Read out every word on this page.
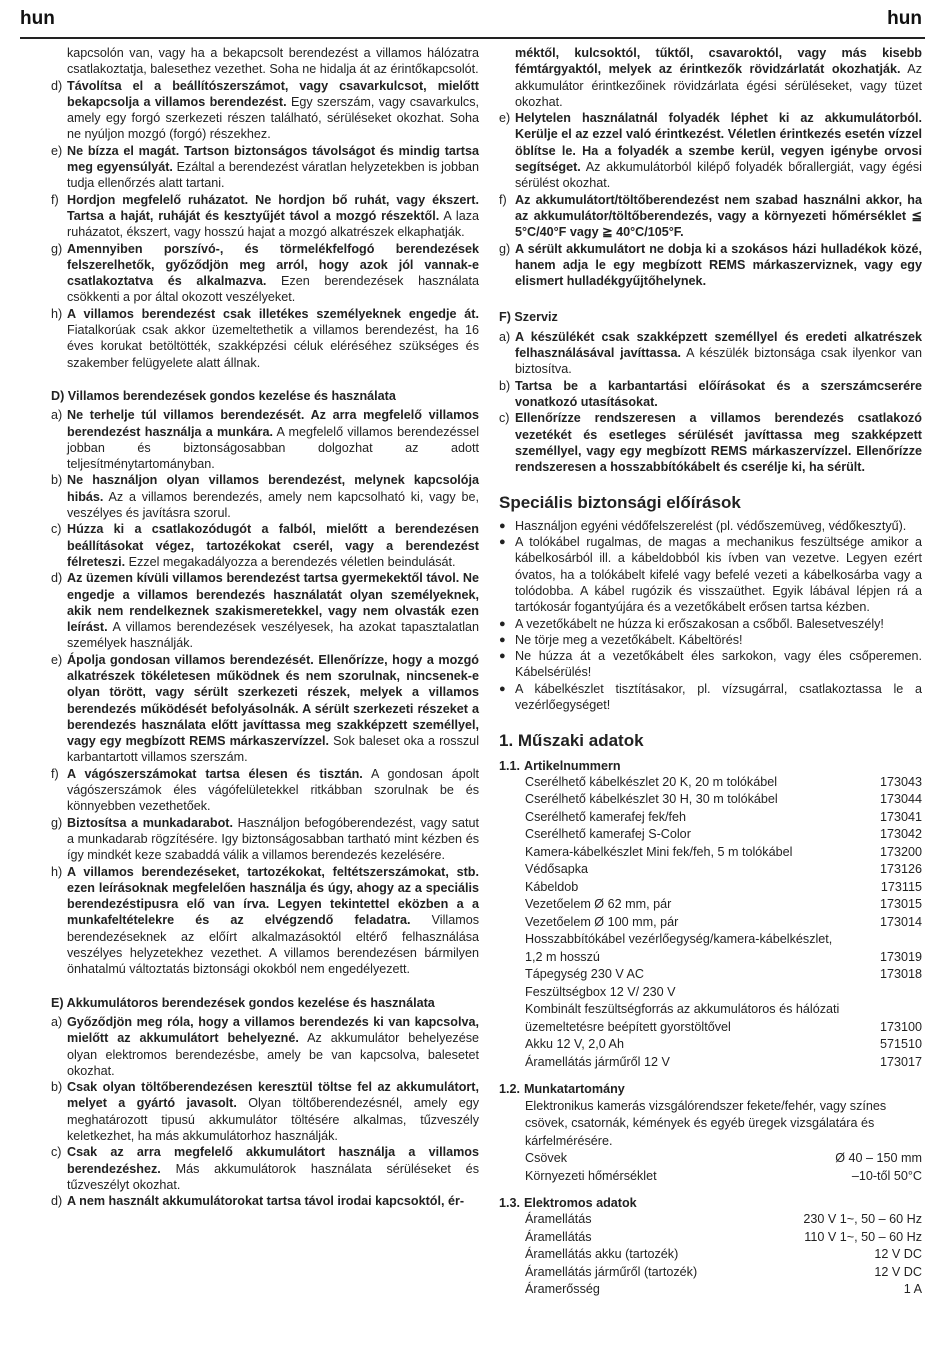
hun	hun
kapcsolón van, vagy ha a bekapcsolt berendezést a villamos hálózatra csatlakoztatja, balesethez vezethet. Soha ne hidalja át az érintőkapcsolót.
d) Távolítsa el a beállítószerszámot, vagy csavarkulcsot, mielőtt bekapcsolja a villamos berendezést. Egy szerszám, vagy csavarkulcs, amely egy forgó szerkezeti részen található, sérüléseket okozhat. Soha ne nyúljon mozgó (forgó) részekhez.
e) Ne bízza el magát. Tartson biztonságos távolságot és mindig tartsa meg egyensúlyát. Ezáltal a berendezést váratlan helyzetekben is jobban tudja ellenőrzés alatt tartani.
f) Hordjon megfelelő ruházatot. Ne hordjon bő ruhát, vagy ékszert. Tartsa a haját, ruháját és kesztyűjét távol a mozgó részektől. A laza ruházatot, ékszert, vagy hosszú hajat a mozgó alkatrészek elkaphatják.
g) Amennyiben porszívó-, és törmelékfelfogó berendezések felszerelhetők, győződjön meg arról, hogy azok jól vannak-e csatlakoztatva és alkalmazva. Ezen berendezések használata csökkenti a por által okozott veszélyeket.
h) A villamos berendezést csak illetékes személyeknek engedje át. Fiatalkorúak csak akkor üzemeltethetik a villamos berendezést, ha 16 éves korukat betöltötték, szakképzési céluk eléréséhez szükséges és szakember felügyelete alatt állnak.
D) Villamos berendezések gondos kezelése és használata
a) Ne terhelje túl villamos berendezését. Az arra megfelelő villamos berendezést használja a munkára. A megfelelő villamos berendezéssel jobban és biztonságosabban dolgozhat az adott teljesítménytartományban.
b) Ne használjon olyan villamos berendezést, melynek kapcsolója hibás. Az a villamos berendezés, amely nem kapcsolható ki, vagy be, veszélyes és javításra szorul.
c) Húzza ki a csatlakozódugót a falból, mielőtt a berendezésen beállításokat végez, tartozékokat cserél, vagy a berendezést félreteszi. Ezzel megakadályozza a berendezés véletlen beindulását.
d) Az üzemen kívüli villamos berendezést tartsa gyermekektől távol. Ne engedje a villamos berendezés használatát olyan személyeknek, akik nem rendelkeznek szakismeretekkel, vagy nem olvasták ezen leírást. A villamos berendezések veszélyesek, ha azokat tapasztalatlan személyek használják.
e) Ápolja gondosan villamos berendezését. Ellenőrízze, hogy a mozgó alkatrészek tökéletesen működnek és nem szorulnak, nincsenek-e olyan törött, vagy sérült szerkezeti részek, melyek a villamos berendezés működését befolyásolnák. A sérült szerkezeti részeket a berendezés használata előtt javíttassa meg szakképzett személlyel, vagy egy megbízott REMS márkaszervízzel. Sok baleset oka a rosszul karbantartott villamos szerszám.
f) A vágószerszámokat tartsa élesen és tisztán. A gondosan ápolt vágószerszámok éles vágófelületekkel ritkábban szorulnak be és könnyebben vezethetőek.
g) Biztosítsa a munkadarabot. Használjon befogóberendezést, vagy satut a munkadarab rögzítésére. Igy biztonságosabban tartható mint kézben és így mindkét keze szabaddá válik a villamos berendezés kezelésére.
h) A villamos berendezéseket, tartozékokat, feltétszerszámokat, stb. ezen leírásoknak megfelelően használja és úgy, ahogy az a speciális berendezéstipusra elő van írva. Legyen tekintettel eközben a a munkafeltételekre és az elvégzendő feladatra. Villamos berendezéseknek az előírt alkalmazásoktól eltérő felhasználása veszélyes helyzetekhez vezethet. A villamos berendezésen bármilyen önhatalmú változtatás biztonsági okokból nem engedélyezett.
E) Akkumulátoros berendezések gondos kezelése és használata
a) Győződjön meg róla, hogy a villamos berendezés ki van kapcsolva, mielőtt az akkumulátort behelyezné. Az akkumulátor behelyezése olyan elektromos berendezésbe, amely be van kapcsolva, balesetet okozhat.
b) Csak olyan töltőberendezésen keresztül töltse fel az akkumulátort, melyet a gyártó javasolt. Olyan töltőberendezésnél, amely egy meghatározott tipusú akkumulátor töltésére alkalmas, tűzveszély keletkezhet, ha más akkumulátorhoz használják.
c) Csak az arra megfelelő akkumulátort használja a villamos berendezéshez. Más akkumulátorok használata sérüléseket és tűzveszélyt okozhat.
d) A nem használt akkumulátorokat tartsa távol irodai kapcsoktól, ér-
méktől, kulcsoktól, tűktől, csavaroktól, vagy más kisebb fémtárgyaktól, melyek az érintkezők rövidzárlatát okozhatják. Az akkumulátor érintkezőinek rövidzárlata égési sérüléseket, vagy tüzet okozhat.
e) Helytelen használatnál folyadék léphet ki az akkumulátorból. Kerülje el az ezzel való érintkezést. Véletlen érintkezés esetén vízzel öblítse le. Ha a folyadék a szembe kerül, vegyen igénybe orvosi segítséget. Az akkumulátorból kilépő folyadék bőrallergiát, vagy égési sérülést okozhat.
f) Az akkumulátort/töltőberendezést nem szabad használni akkor, ha az akkumulátor/töltőberendezés, vagy a környezeti hőmérséklet ≦ 5°C/40°F vagy ≧ 40°C/105°F.
g) A sérült akkumulátort ne dobja ki a szokásos házi hulladékok közé, hanem adja le egy megbízott REMS márkaszerviznek, vagy egy elismert hulladékgyűjtőhelynek.
F) Szerviz
a) A készülékét csak szakképzett személlyel és eredeti alkatrészek felhasználásával javíttassa. A készülék biztonsága csak ilyenkor van biztosítva.
b) Tartsa be a karbantartási előírásokat és a szerszámcserére vonatkozó utasításokat.
c) Ellenőrízze rendszeresen a villamos berendezés csatlakozó vezetékét és esetleges sérülését javíttassa meg szakképzett személlyel, vagy egy megbízott REMS márkaszervízzel. Ellenőrízze rendszeresen a hosszabbítókábelt és cserélje ki, ha sérült.
Speciális biztonsági előírások
● Használjon egyéni védőfelszerelést (pl. védőszemüveg, védőkesztyű).
● A tolókábel rugalmas, de magas a mechanikus feszültsége amikor a kábelkosárból ill. a kábeldobból kis ívben van vezetve. Legyen ezért óvatos, ha a tolókábelt kifelé vagy befelé vezeti a kábelkosárba vagy a tolódobba. A kábel rugózik és visszaüthet. Egyik lábával lépjen rá a tartókosár fogantyújára és a vezetőkábelt erősen tartsa kézben.
● A vezetőkábelt ne húzza ki erőszakosan a csőből. Balesetveszély!
● Ne törje meg a vezetőkábelt. Kábeltörés!
● Ne húzza át a vezetőkábelt éles sarkokon, vagy éles csőperemen. Kábelsérülés!
● A kábelkészlet tisztításakor, pl. vízsugárral, csatlakoztassa le a vezérlőegységet!
1. Műszaki adatok
1.1. Artikelnummern
Cserélhető kábelkészlet 20 K, 20 m tolókábel	173043
Cserélhető kábelkészlet 30 H, 30 m tolókábel	173044
Cserélhető kamerafej fek/feh	173041
Cserélhető kamerafej S-Color	173042
Kamera-kábelkészlet Mini fek/feh, 5 m tolókábel	173200
Védősapka	173126
Kábeldob	173115
Vezetőelem Ø 62 mm, pár	173015
Vezetőelem Ø 100 mm, pár	173014
Hosszabbítókábel vezérlőegység/kamera-kábelkészlet,	
1,2 m hosszú	173019
Tápegység 230 V AC	173018
Feszültségbox 12 V/ 230 V	
Kombinált feszültségforrás az akkumulátoros és hálózati	
üzemeltetésre beépített gyorstöltővel	173100
Akku 12 V, 2,0 Ah	571510
Áramellátás járműről 12 V	173017
1.2. Munkatartomány
Elektronikus kamerás vizsgálórendszer fekete/fehér, vagy színes csövek, csatornák, kémények és egyéb üregek vizsgálatára és kárfelmérésére.
Csövek	Ø 40 – 150 mm
Környezeti hőmérséklet	–10-től 50°C
1.3. Elektromos adatok
Áramellátás	230 V 1~, 50 – 60 Hz
Áramellátás	110 V 1~, 50 – 60 Hz
Áramellátás akku (tartozék)	12 V DC
Áramellátás járműről (tartozék)	12 V DC
Áramerősség	1 A
